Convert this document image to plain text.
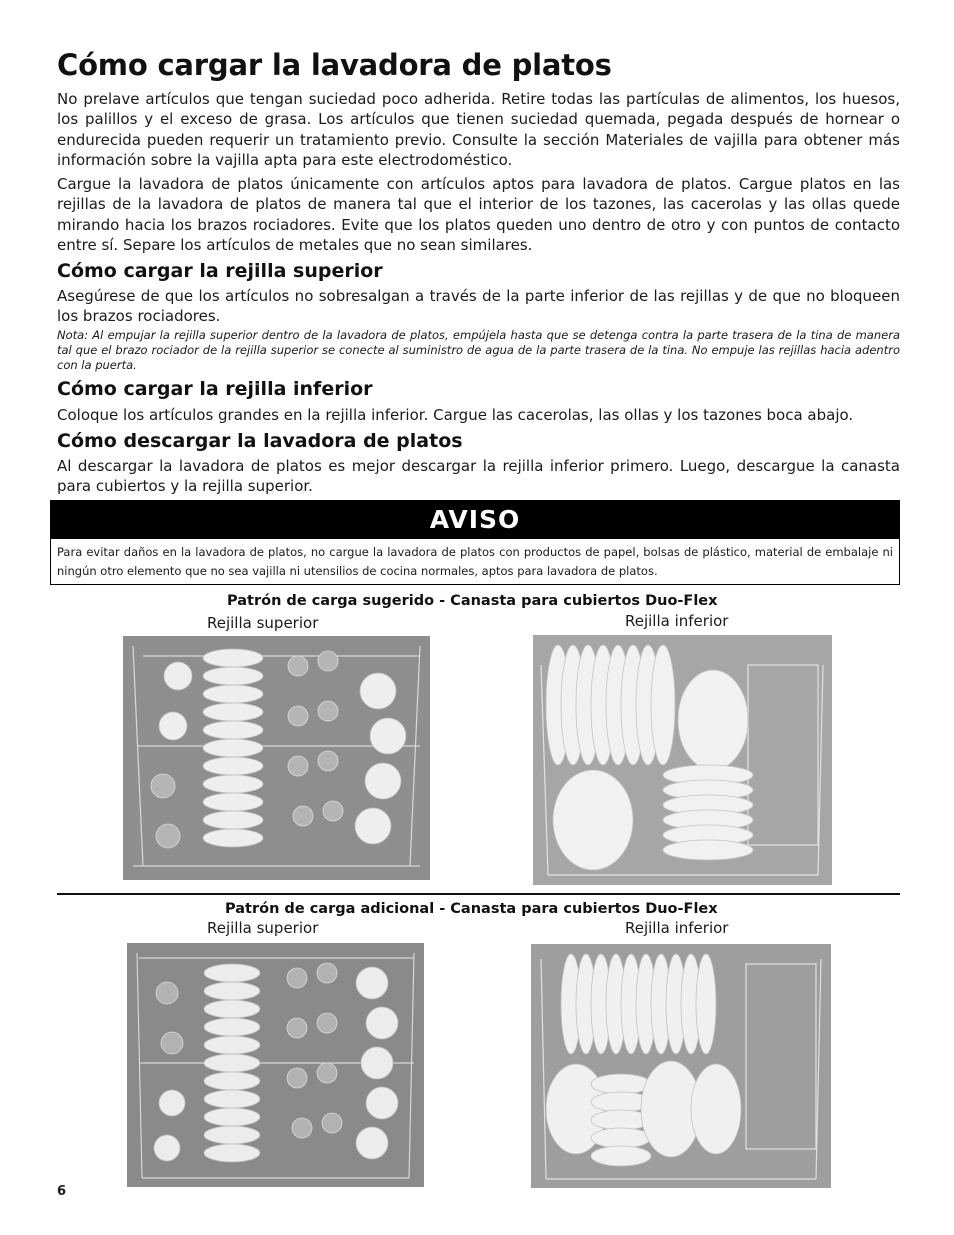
Cómo cargar la lavadora de platos

No prelave artículos que tengan suciedad poco adherida. Retire todas las partículas de alimentos, los huesos, los palillos y el exceso de grasa. Los artículos que tienen suciedad quemada, pegada después de hornear o endurecida pueden requerir un tratamiento previo. Consulte la sección Materiales de vajilla para obtener más información sobre la vajilla apta para este electrodoméstico.

Cargue la lavadora de platos únicamente con artículos aptos para lavadora de platos. Cargue platos en las rejillas de la lavadora de platos de manera tal que el interior de los tazones, las cacerolas y las ollas quede mirando hacia los brazos rociadores. Evite que los platos queden uno dentro de otro y con puntos de contacto entre sí. Separe los artículos de metales que no sean similares.

Cómo cargar la rejilla superior

Asegúrese de que los artículos no sobresalgan a través de la parte inferior de las rejillas y de que no bloqueen los brazos rociadores.

Nota: Al empujar la rejilla superior dentro de la lavadora de platos, empújela hasta que se detenga contra la parte trasera de la tina de manera tal que el brazo rociador de la rejilla superior se conecte al suministro de agua de la parte trasera de la tina. No empuje las rejillas hacia adentro con la puerta.

Cómo cargar la rejilla inferior

Coloque los artículos grandes en la rejilla inferior. Cargue las cacerolas, las ollas y los tazones boca abajo.

Cómo descargar la lavadora de platos

Al descargar la lavadora de platos es mejor descargar la rejilla inferior primero. Luego, descargue la canasta para cubiertos y la rejilla superior.

AVISO
Para evitar daños en la lavadora de platos, no cargue la lavadora de platos con productos de papel, bolsas de plástico, material de embalaje ni ningún otro elemento que no sea vajilla ni utensilios de cocina normales, aptos para lavadora de platos.
Patrón de carga sugerido - Canasta para cubiertos Duo-Flex
Rejilla superior	Rejilla inferior
Patrón de carga adicional - Canasta para cubiertos Duo-Flex
Rejilla superior	Rejilla inferior
6
